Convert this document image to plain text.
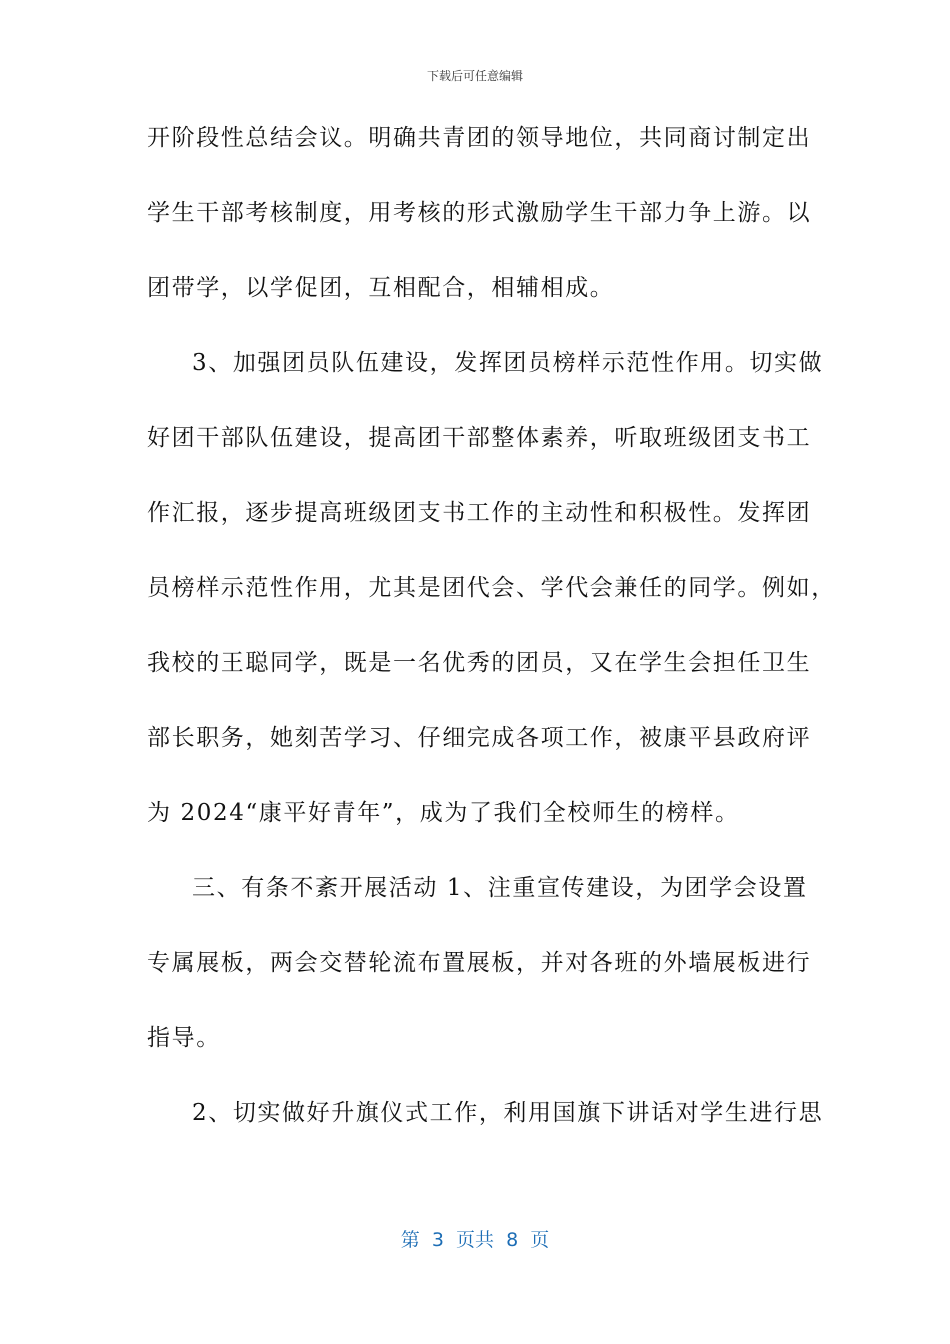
下载后可任意编辑
开阶段性总结会议。明确共青团的领导地位，共同商讨制定出
学生干部考核制度，用考核的形式激励学生干部力争上游。以
团带学，以学促团，互相配合，相辅相成。
3、加强团员队伍建设，发挥团员榜样示范性作用。切实做
好团干部队伍建设，提高团干部整体素养，听取班级团支书工
作汇报，逐步提高班级团支书工作的主动性和积极性。发挥团
员榜样示范性作用，尤其是团代会、学代会兼任的同学。例如，
我校的王聪同学，既是一名优秀的团员，又在学生会担任卫生
部长职务，她刻苦学习、仔细完成各项工作，被康平县政府评
为 2024“康平好青年”，成为了我们全校师生的榜样。
三、有条不紊开展活动 1、注重宣传建设，为团学会设置
专属展板，两会交替轮流布置展板，并对各班的外墙展板进行
指导。
2、切实做好升旗仪式工作，利用国旗下讲话对学生进行思
第  3  页共  8  页
